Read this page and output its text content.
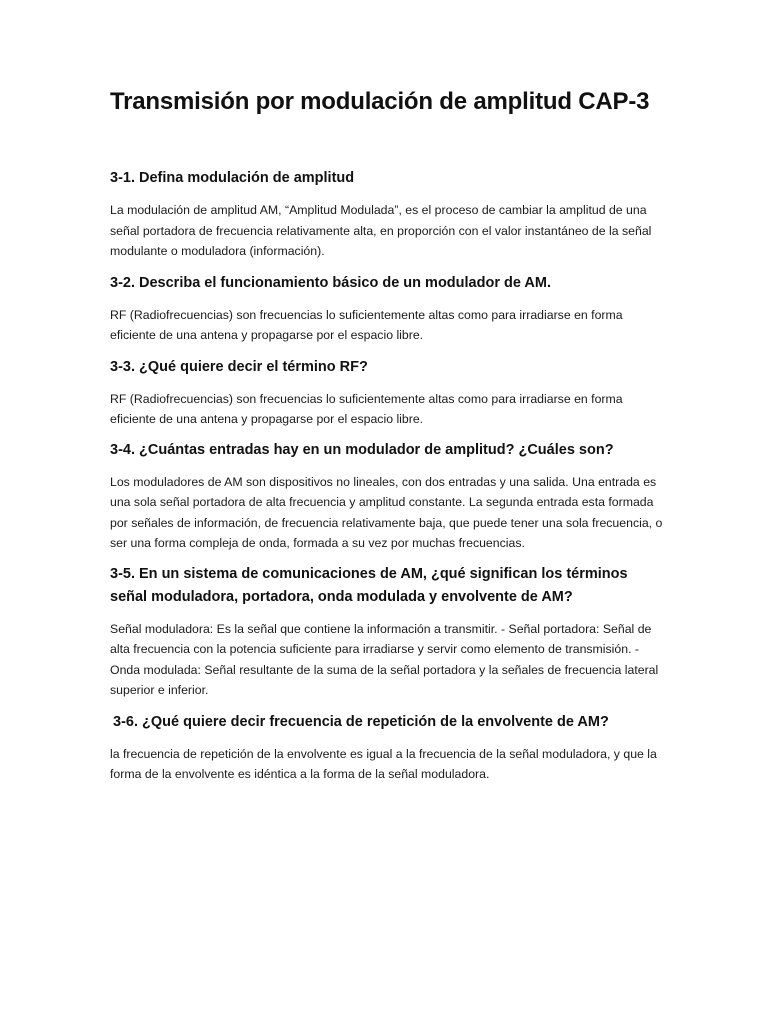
Transmisión por modulación de amplitud CAP-3
3-1. Defina modulación de amplitud

La modulación de amplitud AM, “Amplitud Modulada”, es el proceso de cambiar la amplitud de una señal portadora de frecuencia relativamente alta, en proporción con el valor instantáneo de la señal modulante o moduladora (información).

3-2. Describa el funcionamiento básico de un modulador de AM.

RF (Radiofrecuencias) son frecuencias lo suficientemente altas como para irradiarse en forma eficiente de una antena y propagarse por el espacio libre.

3-3. ¿Qué quiere decir el término RF?

RF (Radiofrecuencias) son frecuencias lo suficientemente altas como para irradiarse en forma eficiente de una antena y propagarse por el espacio libre.

3-4. ¿Cuántas entradas hay en un modulador de amplitud? ¿Cuáles son?

Los moduladores de AM son dispositivos no lineales, con dos entradas y una salida. Una entrada es una sola señal portadora de alta frecuencia y amplitud constante. La segunda entrada esta formada por señales de información, de frecuencia relativamente baja, que puede tener una sola frecuencia, o ser una forma compleja de onda, formada a su vez por muchas frecuencias.

3-5. En un sistema de comunicaciones de AM, ¿qué significan los términos señal moduladora, portadora, onda modulada y envolvente de AM?

Señal moduladora: Es la señal que contiene la información a transmitir. - Señal portadora: Señal de alta frecuencia con la potencia suficiente para irradiarse y servir como elemento de transmisión. - Onda modulada: Señal resultante de la suma de la señal portadora y la señales de frecuencia lateral superior e inferior.

3-6. ¿Qué quiere decir frecuencia de repetición de la envolvente de AM?

la frecuencia de repetición de la envolvente es igual a la frecuencia de la señal moduladora, y que la forma de la envolvente es idéntica a la forma de la señal moduladora.
